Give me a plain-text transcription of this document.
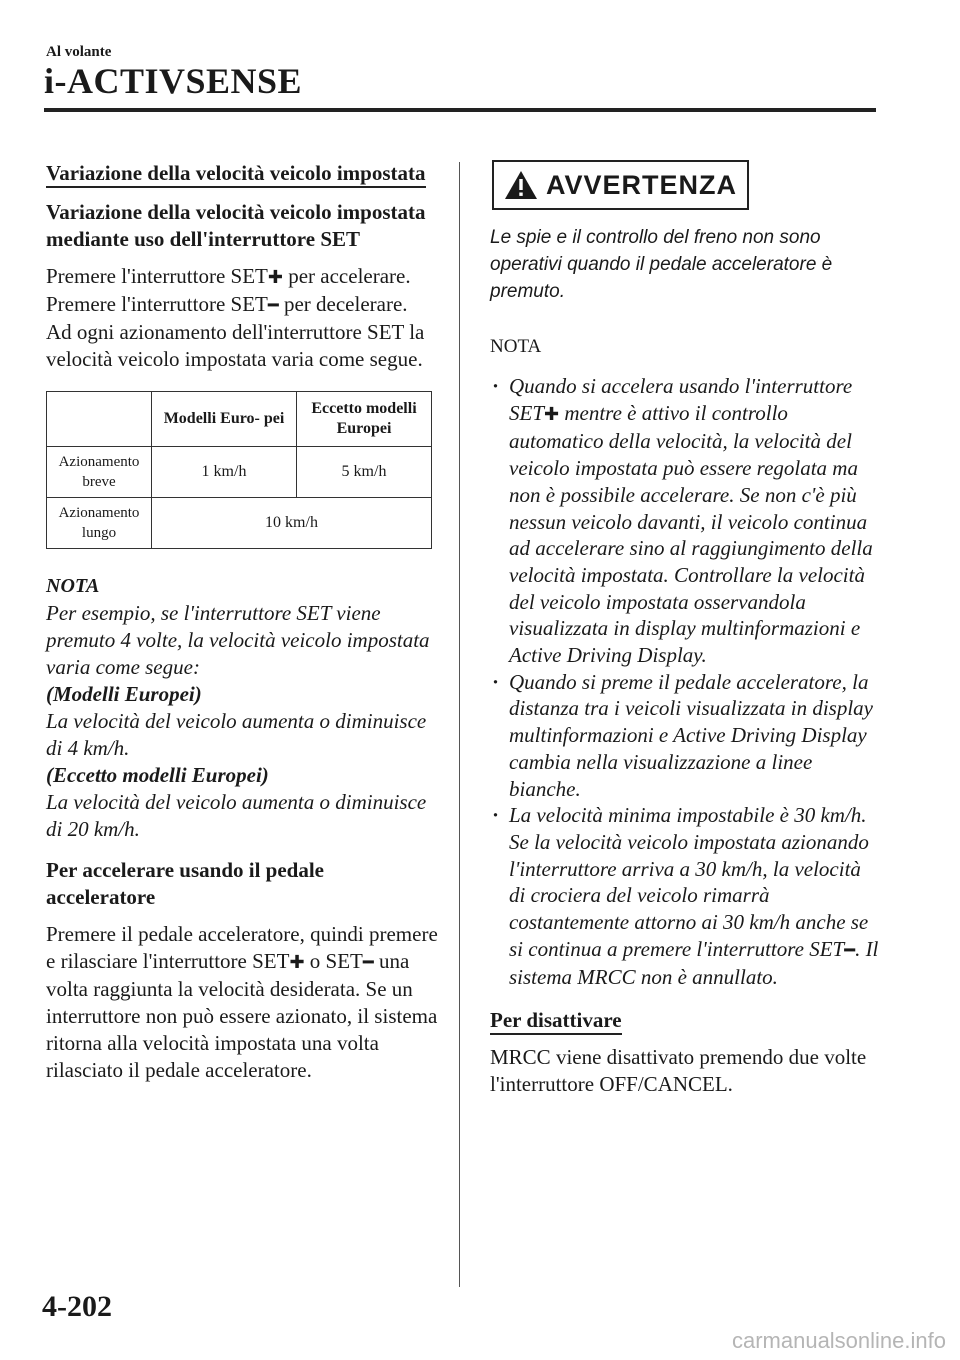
Al volante
i-ACTIVSENSE
Variazione della velocità veicolo impostata
Variazione della velocità veicolo impostata mediante uso dell'interruttore SET

Premere l'interruttore SET✚ per accelerare.

Premere l'interruttore SET━ per decelerare.

Ad ogni azionamento dell'interruttore SET la velocità veicolo impostata varia come segue.

	Modelli Euro- pei	Eccetto modelli Europei
Azionamento breve	1 km/h	5 km/h
Azionamento lungo	10 km/h	
NOTA
Per esempio, se l'interruttore SET viene premuto 4 volte, la velocità veicolo impostata varia come segue:
(Modelli Europei)
La velocità del veicolo aumenta o diminuisce di 4 km/h.
(Eccetto modelli Europei)
La velocità del veicolo aumenta o diminuisce di 20 km/h.
Per accelerare usando il pedale acceleratore

Premere il pedale acceleratore, quindi premere e rilasciare l'interruttore SET✚ o SET━ una volta raggiunta la velocità desiderata. Se un interruttore non può essere azionato, il sistema ritorna alla velocità impostata una volta rilasciato il pedale acceleratore.

AVVERTENZA

Le spie e il controllo del freno non sono operativi quando il pedale acceleratore è premuto.

NOTA
· Quando si accelera usando l'interruttore SET✚ mentre è attivo il controllo automatico della velocità, la velocità del veicolo impostata può essere regolata ma non è possibile accelerare. Se non c'è più nessun veicolo davanti, il veicolo continua ad accelerare sino al raggiungimento della velocità impostata. Controllare la velocità del veicolo impostata osservandola visualizzata in display multinformazioni e Active Driving Display.
· Quando si preme il pedale acceleratore, la distanza tra i veicoli visualizzata in display multinformazioni e Active Driving Display cambia nella visualizzazione a linee bianche.
· La velocità minima impostabile è 30 km/h. Se la velocità veicolo impostata azionando l'interruttore arriva a 30 km/h, la velocità di crociera del veicolo rimarrà costantemente attorno ai 30 km/h anche se si continua a premere l'interruttore SET━. Il sistema MRCC non è annullato.
Per disattivare

MRCC viene disattivato premendo due volte l'interruttore OFF/CANCEL.

4-202
carmanualsonline.info
